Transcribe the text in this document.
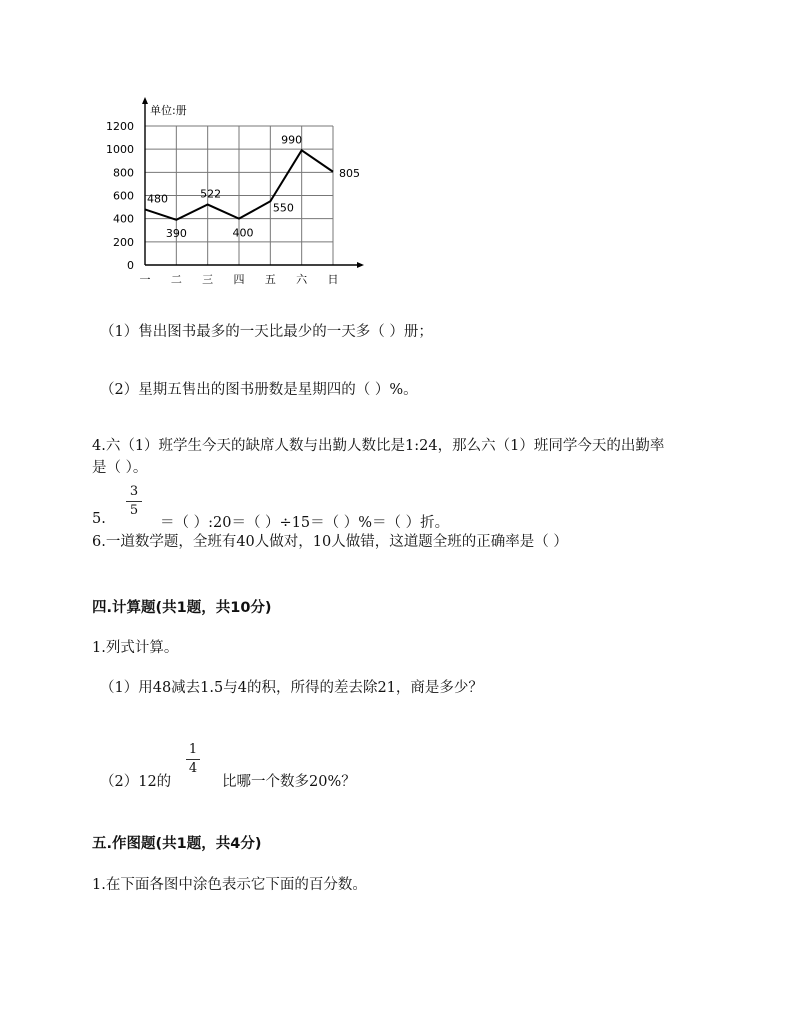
0
200
400
600
800
1000
1200
一 二 三 四 五 六 日
480
390
522
400
550
990
805
单位:册
（1）售出图书最多的一天比最少的一天多（ ）册；
（2）星期五售出的图书册数是星期四的（ ）%。
4.六（1）班学生今天的缺席人数与出勤人数比是1:24，那么六（1）班同学今天的出勤率
是（ ）。
3
5
5.	＝（ ）:20＝（ ）÷15＝（ ）%＝（ ）折。
6.一道数学题，全班有40人做对，10人做错，这道题全班的正确率是（ ）
四.计算题(共1题，共10分)
1.列式计算。
（1）用48减去1.5与4的积，所得的差去除21，商是多少？
（2）12的
1
4
比哪一个数多20%？
五.作图题(共1题，共4分)
1.在下面各图中涂色表示它下面的百分数。
